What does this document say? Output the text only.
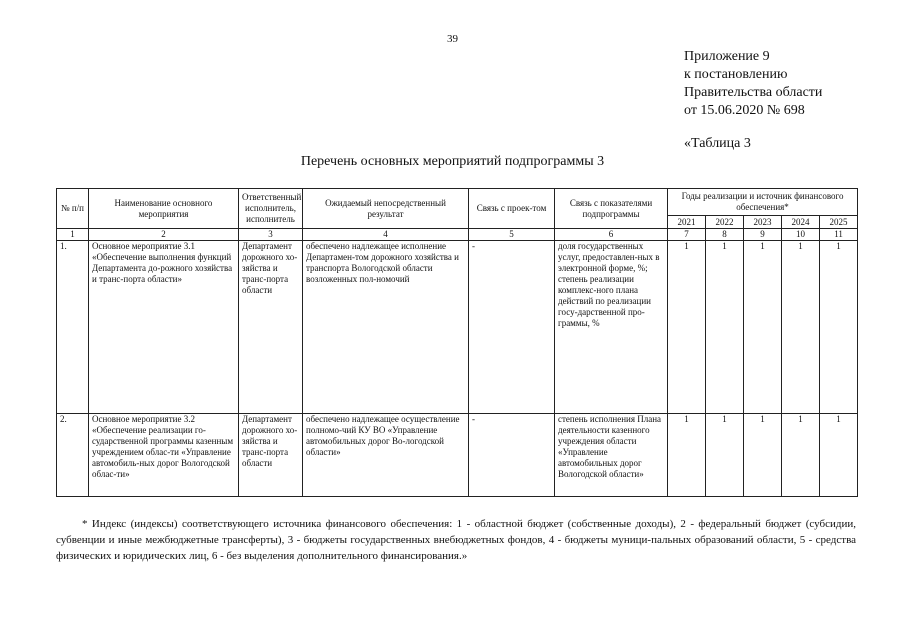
39
Приложение 9
к постановлению
Правительства области
от 15.06.2020 № 698
«Таблица 3
Перечень основных мероприятий подпрограммы 3
№ п/п	Наименование основного мероприятия	Ответственный исполнитель, исполнитель	Ожидаемый непосредственный результат	Связь с проек-том	Связь с показателями подпрограммы	Годы реализации и источник финансового обеспечения*				
						2021	2022	2023	2024	2025
1	2	3	4	5	6	7	8	9	10	11
1.	Основное мероприятие 3.1 «Обеспечение выполнения функций Департамента до-рожного хозяйства и транс-порта области»	Департамент дорожного хо-зяйства и транс-порта области	обеспечено надлежащее исполнение Департамен-том дорожного хозяйства и транспорта Вологодской области возложенных пол-номочий	-	доля государственных услуг, предоставлен-ных в электронной форме, %; степень реализации комплекс-ного плана действий по реализации госу-дарственной про-граммы, %	1	1	1	1	1
2.	Основное мероприятие 3.2 «Обеспечение реализации го-сударственной программы казенным учреждением облас-ти «Управление автомобиль-ных дорог Вологодской облас-ти»	Департамент дорожного хо-зяйства и транс-порта области	обеспечено надлежащее осуществление полномо-чий КУ ВО «Управление автомобильных дорог Во-логодской области»	-	степень исполнения Плана деятельности казенного учреждения области «Управление автомобильных дорог Вологодской области»	1	1	1	1	1
* Индекс (индексы) соответствующего источника финансового обеспечения: 1 - областной бюджет (собственные доходы), 2 - федеральный бюджет (субсидии, субвенции и иные межбюджетные трансферты), 3 - бюджеты государственных внебюджетных фондов, 4 - бюджеты муници-пальных образований области, 5 - средства физических и юридических лиц, 6 - без выделения дополнительного финансирования.»
